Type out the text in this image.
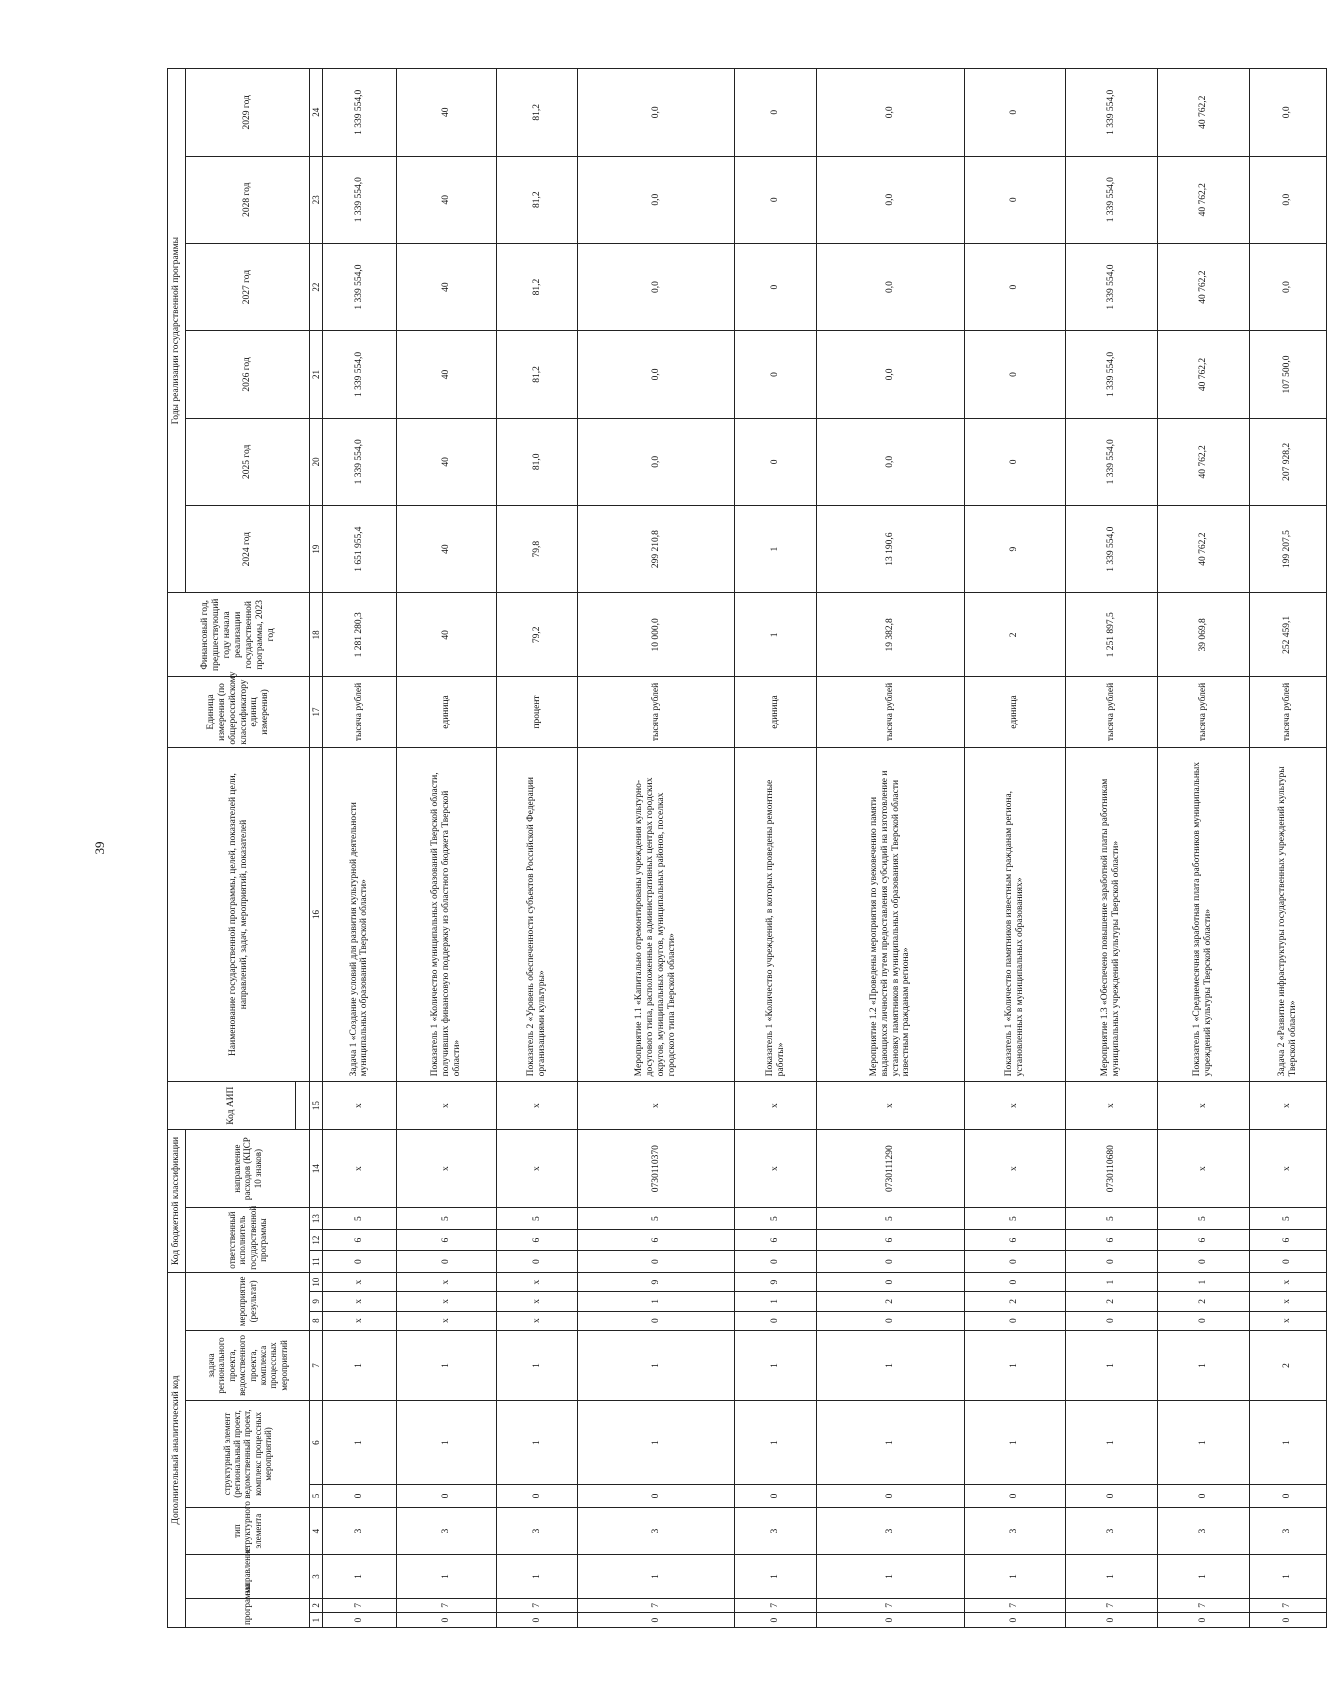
39
Дополнительный аналитический код										Код бюджетной классификации				Код АИП	Наименование государственной программы, целей, показателей цели, направлений, задач, мероприятий, показателей	Единица измерения (по общероссийскому классификатору единиц измерения)	Финансовый год, предшествующий году начала реализации государственной программы, 2023 год	Годы реализации государственной программы					
программа		направление	тип структурного элемента	структурный элемент (региональный проект, ведомственный проект, комплекс процессных мероприятий)		задача регионального проекта, ведомственного проекта, комплекса процессных мероприятий	мероприятие (результат)			ответственный исполнитель государственной программы			направление расходов (КЦСР 10 знаков)					2024 год	2025 год	2026 год	2027 год	2028 год	2029 год

1	2	3	4	5	6	7	8	9	10	11	12	13	14	15	16	17	18	19	20	21	22	23	24
0	7	1	3	0	1	1	х	х	х	0	6	5	х	х	Задача 1 «Создание условий для развития культурной деятельности муниципальных образований Тверской области»	тысяча рублей	1 281 280,3	1 651 955,4	1 339 554,0	1 339 554,0	1 339 554,0	1 339 554,0	1 339 554,0
0	7	1	3	0	1	1	х	х	х	0	6	5	х	х	Показатель 1 «Количество муниципальных образований Тверской области, получивших финансовую поддержку из областного бюджета Тверской области»	единица	40	40	40	40	40	40	40
0	7	1	3	0	1	1	х	х	х	0	6	5	х	х	Показатель 2 «Уровень обеспеченности субъектов Российской Федерации организациями культуры»	процент	79,2	79,8	81,0	81,2	81,2	81,2	81,2
0	7	1	3	0	1	1	0	1	9	0	6	5	0730110370	х	Мероприятие 1.1 «Капитально отремонтированы учреждения культурно-досугового типа, расположенные в административных центрах городских округов, муниципальных округов, муниципальных районов, поселках городского типа Тверской области»	тысяча рублей	10 000,0	299 210,8	0,0	0,0	0,0	0,0	0,0
0	7	1	3	0	1	1	0	1	9	0	6	5	х	х	Показатель 1 «Количество учреждений, в которых проведены ремонтные работы»	единица	1	1	0	0	0	0	0
0	7	1	3	0	1	1	0	2	0	0	6	5	0730111290	х	Мероприятие 1.2 «Проведены мероприятия по увековечению памяти выдающихся личностей путем предоставления субсидий на изготовление и установку памятников в муниципальных образованиях Тверской области известным гражданам региона»	тысяча рублей	19 382,8	13 190,6	0,0	0,0	0,0	0,0	0,0
0	7	1	3	0	1	1	0	2	0	0	6	5	х	х	Показатель 1 «Количество памятников известным гражданам региона, установленных в муниципальных образованиях»	единица	2	9	0	0	0	0	0
0	7	1	3	0	1	1	0	2	1	0	6	5	0730110680	х	Мероприятие 1.3 «Обеспечено повышение заработной платы работникам муниципальных учреждений культуры Тверской области»	тысяча рублей	1 251 897,5	1 339 554,0	1 339 554,0	1 339 554,0	1 339 554,0	1 339 554,0	1 339 554,0
0	7	1	3	0	1	1	0	2	1	0	6	5	х	х	Показатель 1 «Среднемесячная заработная плата работников муниципальных учреждений культуры Тверской области»	тысяча рублей	39 069,8	40 762,2	40 762,2	40 762,2	40 762,2	40 762,2	40 762,2
0	7	1	3	0	1	2	х	х	х	0	6	5	х	х	Задача 2 «Развитие инфраструктуры государственных учреждений культуры Тверской области»	тысяча рублей	252 459,1	199 207,5	207 928,2	107 500,0	0,0	0,0	0,0
